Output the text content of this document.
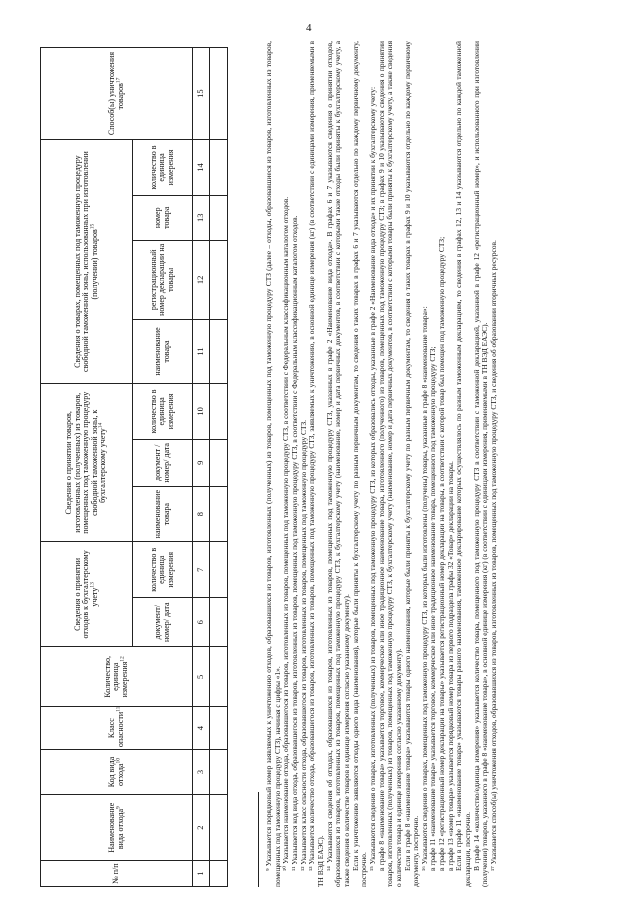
4
№ п/п	Наименование вида отхода$^9$	Код вида отхода$^{10}$	Класс опасности$^{11}$	Количество, единица измерения$^{12}$	Сведения о принятии отходов к бухгалтерскому учету$^{13}$		Сведения о принятии товаров, изготовленных (полученных) из товаров, помещенных под таможенную процедуру свободной таможенной зоны, к бухгалтерскому учету$^{14}$			Сведения о товарах, помещенных под таможенную процедуру свободной таможенной зоны, использованных при изготовлении (получении) товаров$^{15}$				Способ(ы) уничтожения товаров$^{17}$
					документ/ номер/ дата	количество в единица измерения	наименование товара	документ /номер/ дата	количество в единица измерения	наименование товара	регистрационный номер декларации на товары	номер товара	количество в единица измерения	
1	2	3	4	5	6	7	8	9	10	11	12	13	14	15
															⁹ Указывается порядковый номер заявляемых к уничтожению отходов, образовавшихся из товаров, изготовленных (полученных) из товаров, помещенных под таможенную процедуру СТЗ (далее – отходы, образовавшиеся из товаров, изготовленных из товаров, помещенных под таможенную процедуру СТЗ), начиная с цифры «1». ¹⁰ Указывается наименование отхода, образовавшегося из товаров, изготовленных из товаров, помещенных под таможенную процедуру СТЗ, в соответствии с Федеральным классификационным каталогом отходов. ¹¹ Указывается код вида отхода, образовавшегося из товаров, изготовленных из товаров, помещенных под таможенную процедуру СТЗ, в соответствии с Федеральным классификационным каталогом отходов. ¹² Указывается класс опасности отхода, образовавшегося из товаров, изготовленных из товаров, помещенных под таможенную процедуру СТЗ. ¹³ Указывается количество отхода, образовавшегося из товаров, изготовленных из товаров, помещенных под таможенную процедуру СТЗ, заявляемых к уничтожению, в основной единице измерения (кг) (в соответствии с единицами измерения, применяемыми в ТН ВЭД ЕАЭС). ¹⁴ Указываются сведения об отходах, образовавшихся из товаров, изготовленных из товаров, помещенных под таможенную процедуру СТЗ, указанных в графе 2 «Наименование вида отхода». В графах 6 и 7 указываются сведения о принятии отходов, образовавшихся из товаров, изготовленных из товаров, помещенных под таможенную процедуру СТЗ, к бухгалтерскому учету (наименование, номер и дата первичных документов, в соответствии с которыми такие отходы были приняты к бухгалтерскому учету, а также сведения о количестве товаров и единице измерения согласно указанному документу). Если к уничтожению заявляются отходы одного вида (наименования), которые были приняты к бухгалтерскому учету по разным первичным документам, то сведения о таких товарах в графах 6 и 7 указываются отдельно по каждому первичному документу, построчно. ¹⁵ Указываются сведения о товарах, изготовленных (полученных) из товаров, помещенных под таможенную процедуру СТЗ, из которых образовались отходы, указанные в графе 2 «Наименование вида отхода» и их принятии к бухгалтерскому учету: в графе 8 «наименование товара» указывается торговое, коммерческое или иное традиционное наименование товара, изготовленного (полученного) из товаров, помещенных под таможенную процедуру СТЗ; в графах 9 и 10 указываются сведения о принятии товаров, изготовленных (полученных) из товаров, помещенных под таможенную процедуру СТЗ, к бухгалтерскому учету (наименование, номер и дата первичных документов, в соответствии с которыми товары были приняты к бухгалтерскому учету, а также сведения о количестве товара и единице измерения согласно указанному документу). Если в графе 8 «наименование товара» указываются товары одного наименования, которые были приняты к бухгалтерскому учету по разным первичным документам, то сведения о таких товарах в графах 9 и 10 указываются отдельно по каждому первичному документу, построчно. ¹⁶ Указываются сведения о товарах, помещенных под таможенную процедуру СТЗ, из которых были изготовлены (получены) товары, указанные в графе 8 «наименование товара»: в графе 11 «наименование товара» указывается торговое, коммерческое или иное традиционное наименование товара, помещенного под таможенную процедуру СТЗ; в графе 12 «регистрационный номер декларации на товары» указывается регистрационный номер декларации на товары, в соответствии с которой товар был помещен под таможенную процедуру СТЗ; в графе 13 «номер товара» указывается порядковый номер товара из первого подраздела графы 32 «Товар» декларации на товары. Если в графе 11 «наименование товара» указываются товары разного наименования, таможенное декларирование которых осуществлялось по разным таможенным декларациям, то сведения в графах 12, 13 и 14 указываются отдельно по каждой таможенной декларации, построчно. В графе 14 «количество/единица измерения» указывается количество товара, помещенного под таможенную процедуру СТЗ в соответствии с таможенной декларацией, указанной в графе 12 «регистрационный номер», и использованного при изготовлении (получении) товаров, указанного в графе 8 «наименование товара», в основной единице измерения (кг) (в соответствии с единицами измерения, применяемыми в ТН ВЭД ЕАЭС). ¹⁷ Указывается способ(ы) уничтожения отходов, образовавшихся из товаров, изготовленных из товаров, помещенных под таможенную процедуру СТЗ, и сведения об образовании вторичных ресурсов.
